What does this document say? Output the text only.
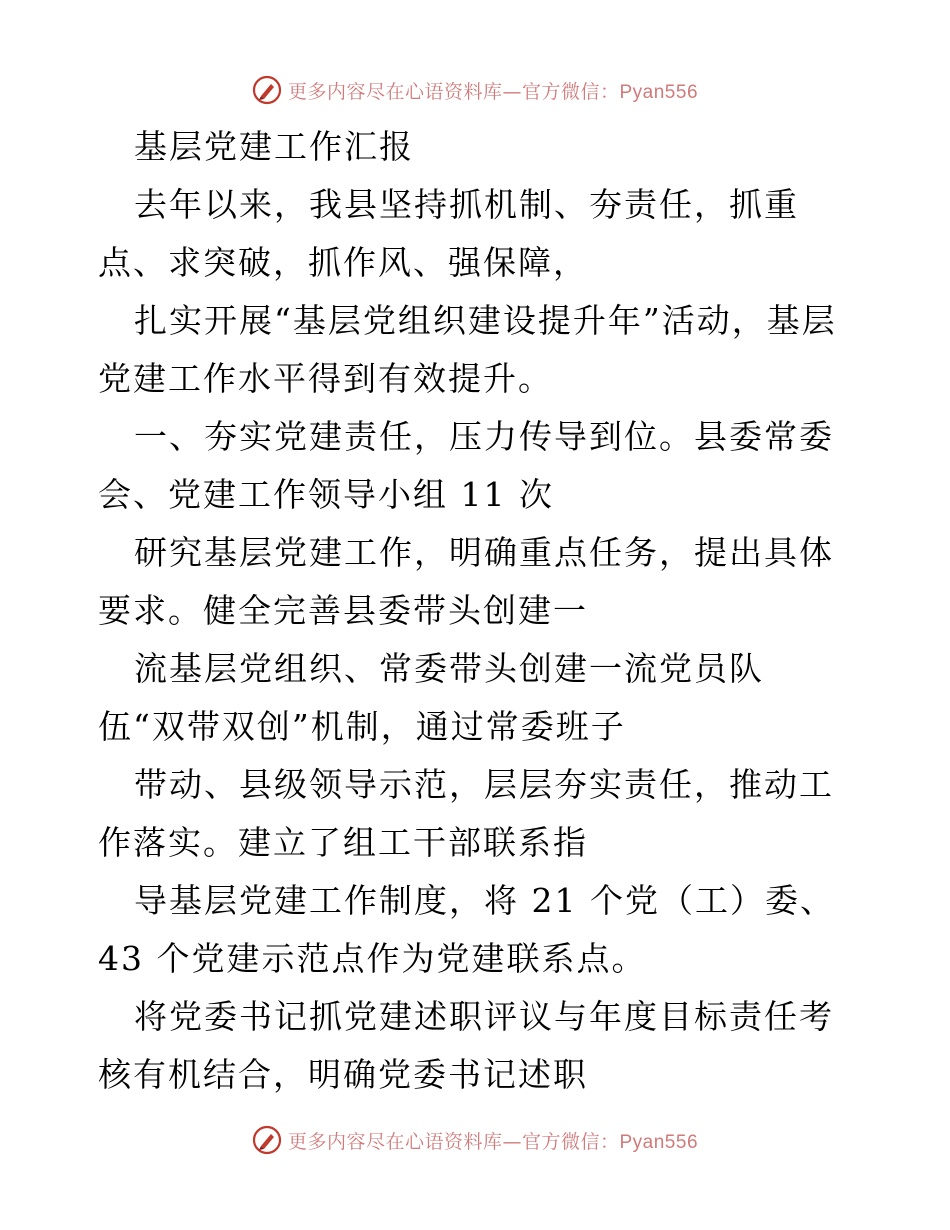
更多内容尽在心语资料库—官方微信：Pyan556

基层党建工作汇报

去年以来，我县坚持抓机制、夯责任，抓重点、求突破，抓作风、强保障，

扎实开展“基层党组织建设提升年”活动，基层党建工作水平得到有效提升。

一、夯实党建责任，压力传导到位。县委常委会、党建工作领导小组 11 次

研究基层党建工作，明确重点任务，提出具体要求。健全完善县委带头创建一

流基层党组织、常委带头创建一流党员队伍“双带双创”机制，通过常委班子

带动、县级领导示范，层层夯实责任，推动工作落实。建立了组工干部联系指

导基层党建工作制度，将 21 个党（工）委、43 个党建示范点作为党建联系点。

将党委书记抓党建述职评议与年度目标责任考核有机结合，明确党委书记述职

更多内容尽在心语资料库—官方微信：Pyan556
